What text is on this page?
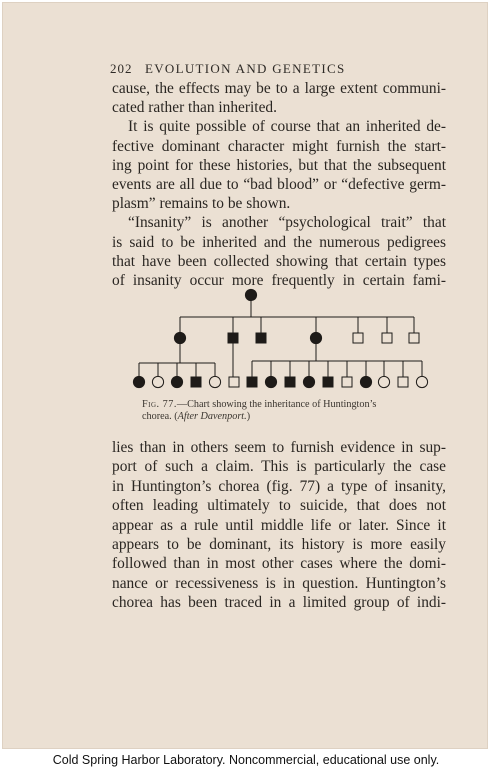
202 EVOLUTION AND GENETICS

cause, the effects may be to a large extent communi-
cated rather than inherited.

It is quite possible of course that an inherited de-
fective dominant character might furnish the start-
ing point for these histories, but that the subsequent
events are all due to “bad blood” or “defective germ-
plasm” remains to be shown.

“Insanity” is another “psychological trait” that
is said to be inherited and the numerous pedigrees
that have been collected showing that certain types
of insanity occur more frequently in certain fami-

Fig. 77.—Chart showing the inheritance of Huntington’s
chorea. (After Davenport.)
lies than in others seem to furnish evidence in sup-
port of such a claim. This is particularly the case
in Huntington’s chorea (fig. 77) a type of insanity,
often leading ultimately to suicide, that does not
appear as a rule until middle life or later. Since it
appears to be dominant, its history is more easily
followed than in most other cases where the domi-
nance or recessiveness is in question. Huntington’s
chorea has been traced in a limited group of indi-
Cold Spring Harbor Laboratory. Noncommercial, educational use only.
